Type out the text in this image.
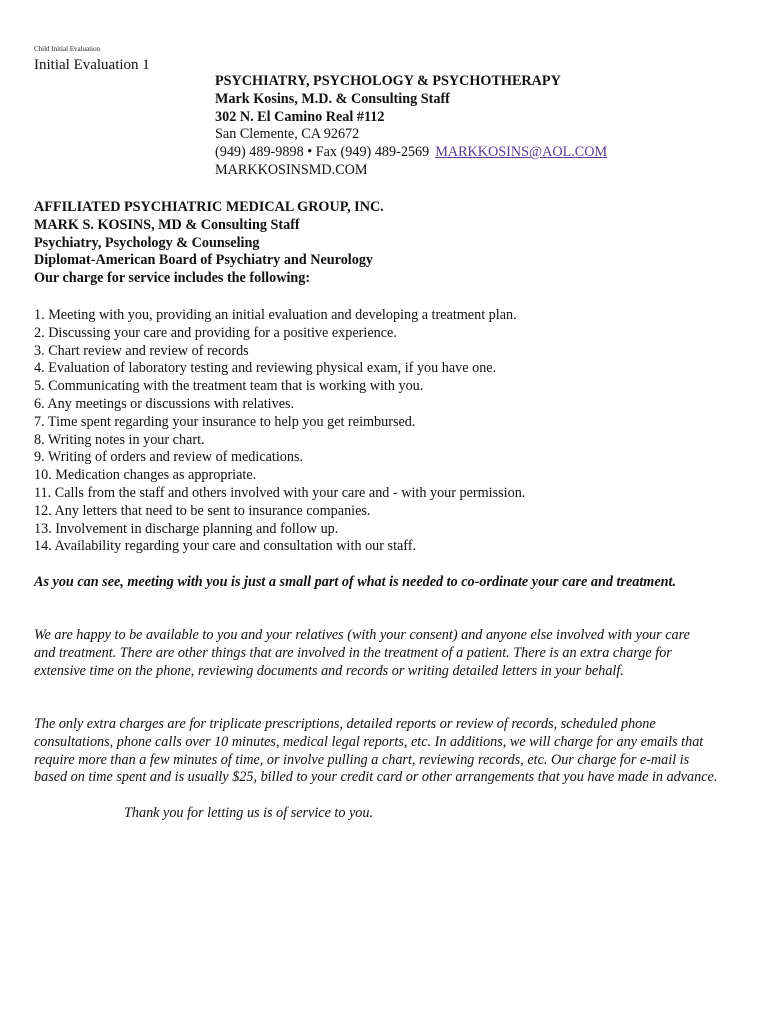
Child Initial Evaluation
Initial Evaluation 1
PSYCHIATRY, PSYCHOLOGY & PSYCHOTHERAPY
Mark Kosins, M.D. & Consulting Staff
302 N. El Camino Real #112
San Clemente, CA 92672
(949) 489-9898 • Fax (949) 489-2569 MARKKOSINS@AOL.COM
MARKKOSINSMD.COM
AFFILIATED PSYCHIATRIC MEDICAL GROUP, INC.
MARK S. KOSINS, MD & Consulting Staff
Psychiatry, Psychology & Counseling
Diplomat-American Board of Psychiatry and Neurology
Our charge for service includes the following:
1. Meeting with you, providing an initial evaluation and developing a treatment plan.
2. Discussing your care and providing for a positive experience.
3. Chart review and review of records
4. Evaluation of laboratory testing and reviewing physical exam, if you have one.
5. Communicating with the treatment team that is working with you.
6. Any meetings or discussions with relatives.
7. Time spent regarding your insurance to help you get reimbursed.
8. Writing notes in your chart.
9. Writing of orders and review of medications.
10. Medication changes as appropriate.
11. Calls from the staff and others involved with your care and - with your permission.
12. Any letters that need to be sent to insurance companies.
13. Involvement in discharge planning and follow up.
14. Availability regarding your care and consultation with our staff.
As you can see, meeting with you is just a small part of what is needed to co-ordinate your care and treatment.
We are happy to be available to you and your relatives (with your consent) and anyone else involved with your care and treatment. There are other things that are involved in the treatment of a patient. There is an extra charge for extensive time on the phone, reviewing documents and records or writing detailed letters in your behalf.
The only extra charges are for triplicate prescriptions, detailed reports or review of records, scheduled phone consultations, phone calls over 10 minutes, medical legal reports, etc. In additions, we will charge for any emails that require more than a few minutes of time, or involve pulling a chart, reviewing records, etc. Our charge for e-mail is based on time spent and is usually $25, billed to your credit card or other arrangements that you have made in advance.
Thank you for letting us is of service to you.
